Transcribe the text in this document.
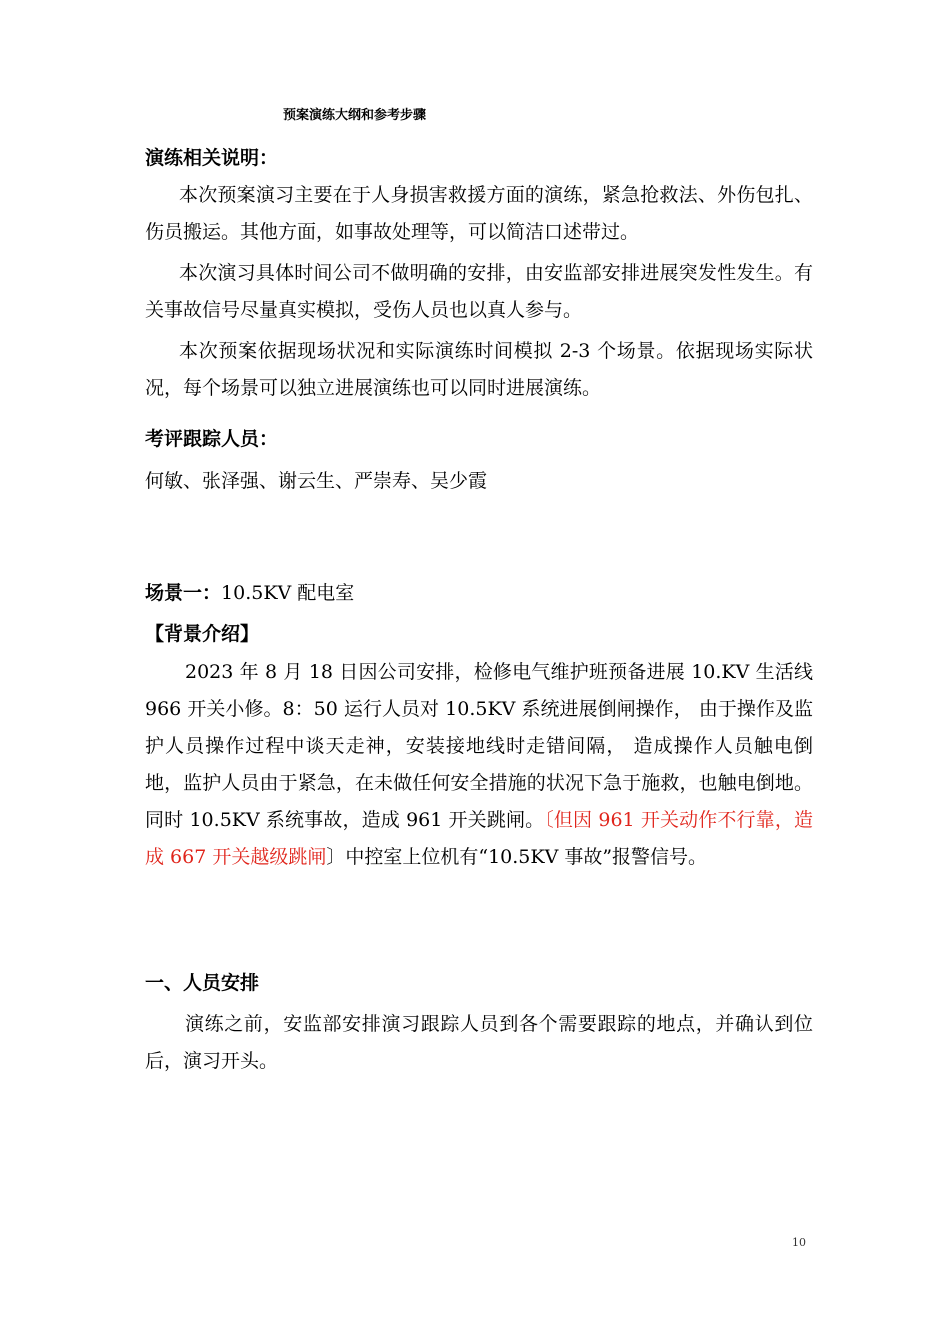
预案演练大纲和参考步骤
演练相关说明：
本次预案演习主要在于人身损害救援方面的演练，紧急抢救法、外伤包扎、伤员搬运。其他方面，如事故处理等，可以简洁口述带过。
本次演习具体时间公司不做明确的安排，由安监部安排进展突发性发生。有关事故信号尽量真实模拟，受伤人员也以真人参与。
本次预案依据现场状况和实际演练时间模拟 2-3 个场景。依据现场实际状况，每个场景可以独立进展演练也可以同时进展演练。
考评跟踪人员：
何敏、张泽强、谢云生、严崇寿、吴少霞
场景一：10.5KV 配电室
【背景介绍】
2023 年 8 月 18 日因公司安排，检修电气维护班预备进展 10.KV 生活线 966 开关小修。8：50 运行人员对 10.5KV 系统进展倒闸操作， 由于操作及监护人员操作过程中谈天走神，安装接地线时走错间隔， 造成操作人员触电倒地，监护人员由于紧急，在未做任何安全措施的状况下急于施救，也触电倒地。同时 10.5KV 系统事故，造成 961 开关跳闸。〔但因 961 开关动作不行靠，造成 667 开关越级跳闸〕中控室上位机有“10.5KV 事故”报警信号。
一、人员安排
演练之前，安监部安排演习跟踪人员到各个需要跟踪的地点，并确认到位后，演习开头。
10
